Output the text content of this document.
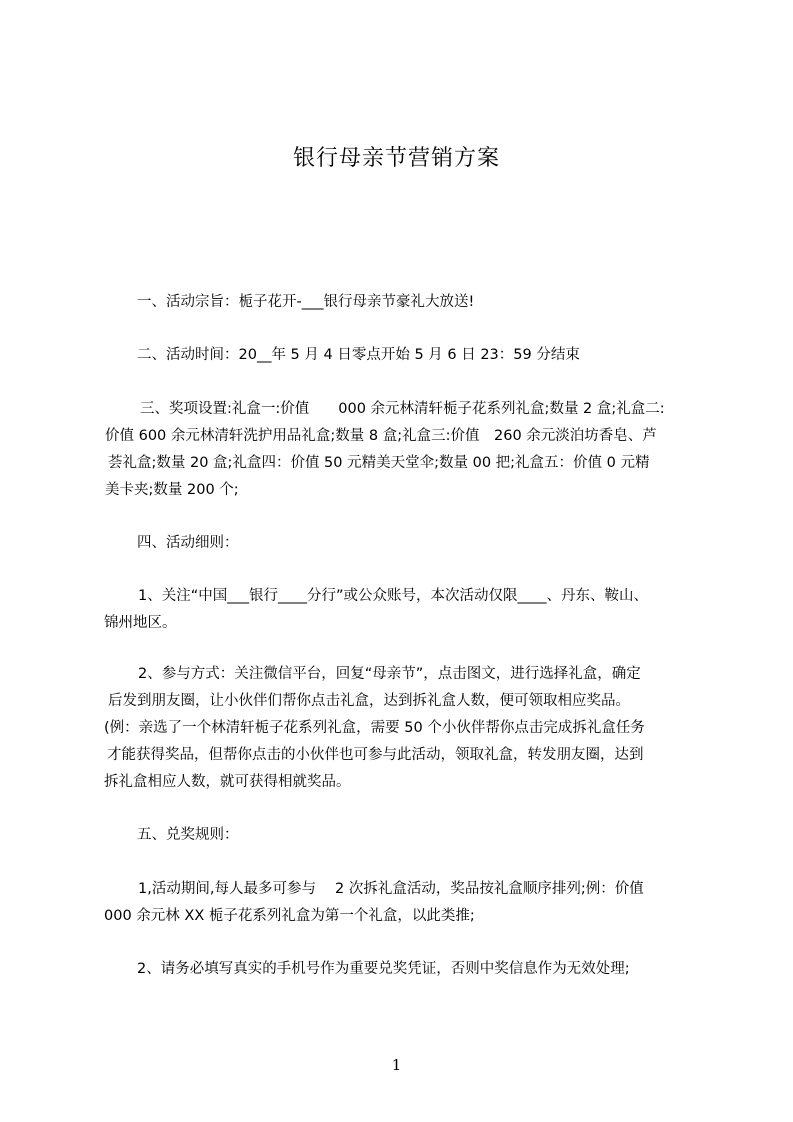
银行母亲节营销方案
一、活动宗旨：栀子花开-___银行母亲节豪礼大放送!
二、活动时间：20__年 5 月 4 日零点开始 5 月 6 日 23：59 分结束
三、奖项设置:礼盒一:价值　　000 余元林清轩栀子花系列礼盒;数量 2 盒;礼盒二:
价值 600 余元林清轩洗护用品礼盒;数量 8 盒;礼盒三:价值　260 余元淡泊坊香皂、芦
荟礼盒;数量 20 盒;礼盒四：价值 50 元精美天堂伞;数量 00 把;礼盒五：价值 0 元精
美卡夹;数量 200 个;
四、活动细则：
1、关注“中国___银行____分行”或公众账号，本次活动仅限____、丹东、鞍山、
锦州地区。
2、参与方式：关注微信平台，回复“母亲节”，点击图文，进行选择礼盒，确定
后发到朋友圈，让小伙伴们帮你点击礼盒，达到拆礼盒人数，便可领取相应奖品。
(例：亲选了一个林清轩栀子花系列礼盒，需要 50 个小伙伴帮你点击完成拆礼盒任务
才能获得奖品，但帮你点击的小伙伴也可参与此活动，领取礼盒，转发朋友圈，达到
拆礼盒相应人数，就可获得相就奖品。
五、兑奖规则：
1,活动期间,每人最多可参与　 2 次拆礼盒活动，奖品按礼盒顺序排列;例：价值
000 余元林 XX 栀子花系列礼盒为第一个礼盒，以此类推;
2、请务必填写真实的手机号作为重要兑奖凭证，否则中奖信息作为无效处理;
1
